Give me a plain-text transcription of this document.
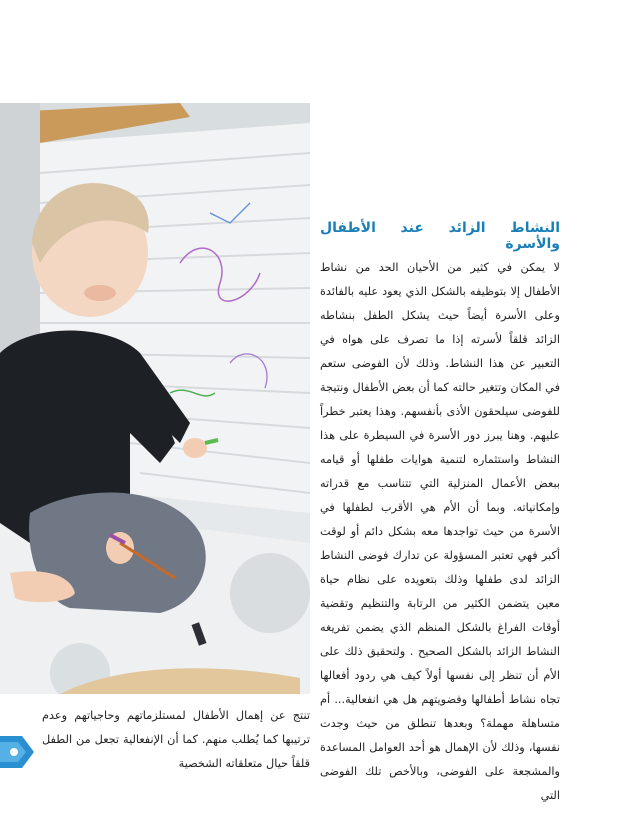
النشاط الزائد عند الأطفال والأسرة

لا يمكن في كثير من الأحيان الحد من نشاط الأطفال إلا بتوظيفه بالشكل الذي يعود عليه بالفائدة وعلى الأسرة أيضاً حيث يشكل الطفل بنشاطه الزائد قلقاً لأسرته إذا ما تصرف على هواه في التعبير عن هذا النشاط. وذلك لأن الفوضى ستعم في المكان وتتغير حالته كما أن بعض الأطفال ونتيجة للفوضى سيلحقون الأذى بأنفسهم. وهذا يعتبر خطراً عليهم. وهنا يبرز دور الأسرة في السيطرة على هذا النشاط واستثماره لتنمية هوايات طفلها أو قيامه ببعض الأعمال المنزلية التي تتناسب مع قدراته وإمكانياته. وبما أن الأم هي الأقرب لطفلها في الأسرة من حيث تواجدها معه بشكل دائم أو لوقت أكبر فهي تعتبر المسؤولة عن تدارك فوضى النشاط الزائد لدى طفلها وذلك بتعويده على نظام حياة معين يتضمن الكثير من الرتابة والتنظيم وتقضية أوقات الفراغ بالشكل المنظم الذي يضمن تفريغه النشاط الزائد بالشكل الصحيح . ولتحقيق ذلك على الأم أن تنظر إلى نفسها أولاً كيف هي ردود أفعالها تجاه نشاط أطفالها وفضويتهم هل هي انفعالية... أم متساهلة مهملة؟ وبعدها تنطلق من حيث وجدت نفسها، وذلك لأن الإهمال هو أحد العوامل المساعدة والمشجعة على الفوضى، وبالأخص تلك الفوضى التي

تنتج عن إهمال الأطفال لمستلزماتهم وحاجياتهم وعدم ترتيبها كما يُطلب منهم. كما أن الإنفعالية تجعل من الطفل قلقاً حيال متعلقاته الشخصية
